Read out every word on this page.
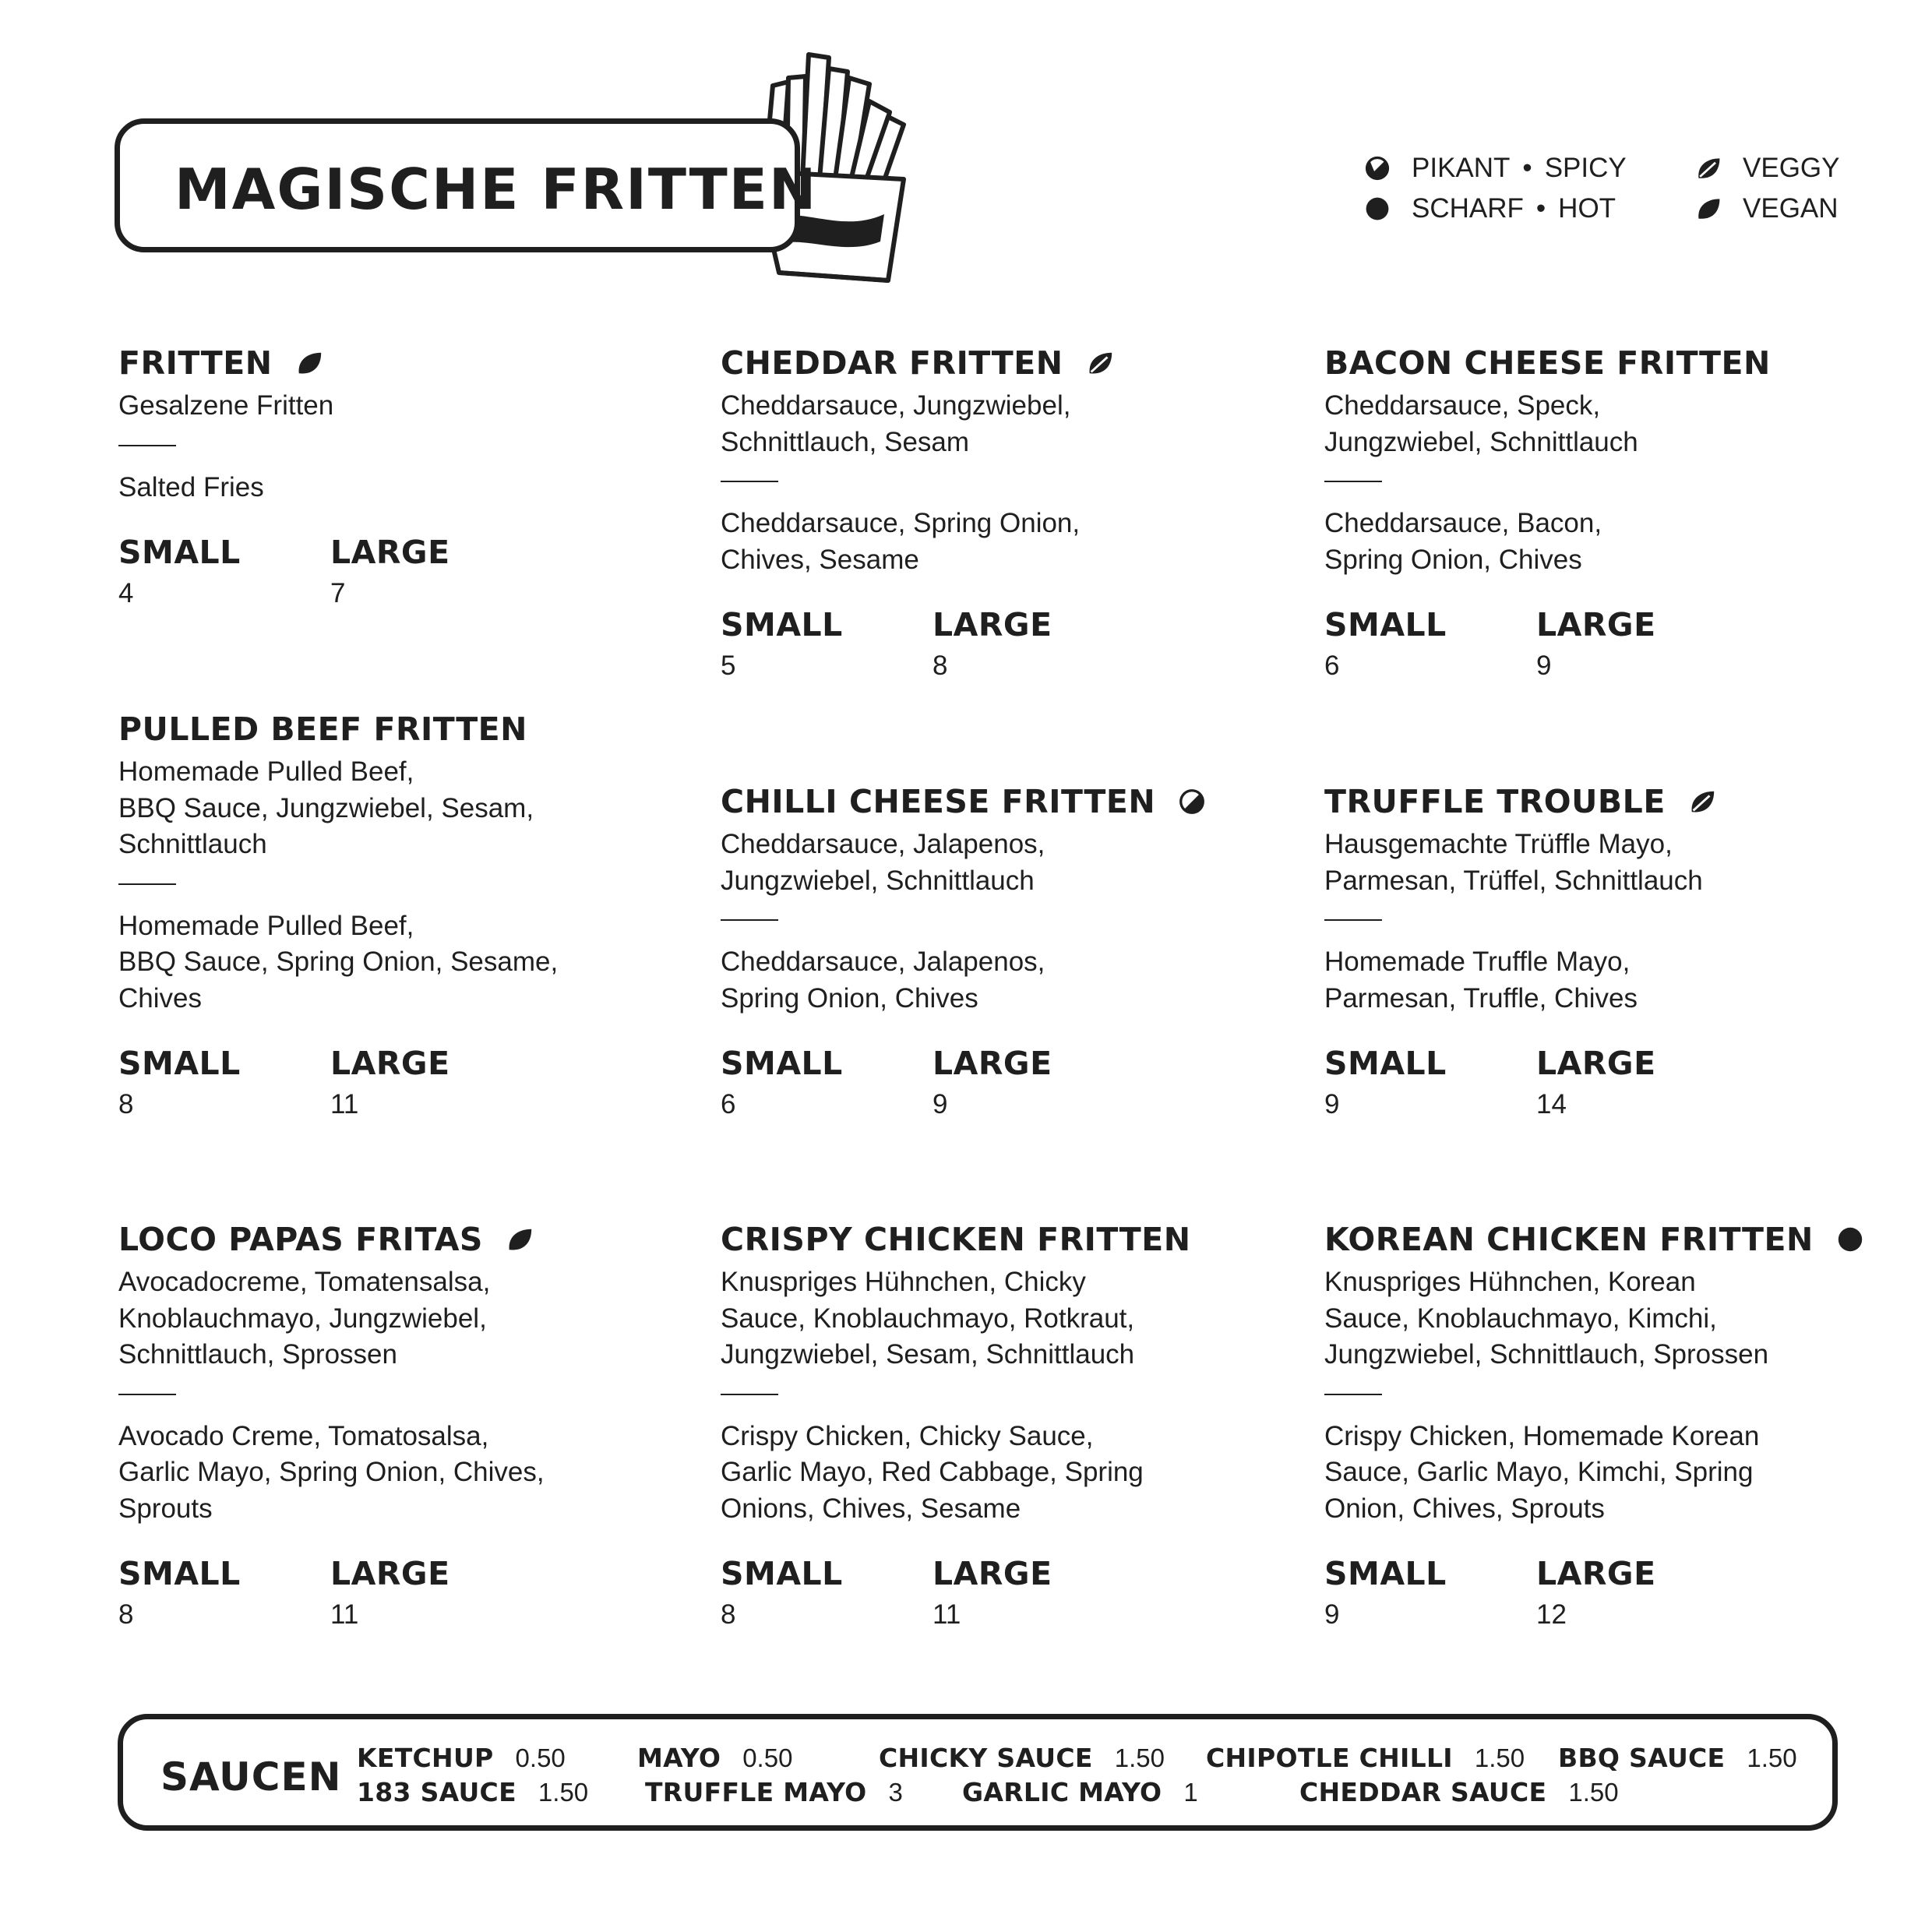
MAGISCHE FRITTEN	PIKANT • SPICY
SCHARF • HOT
VEGGY
VEGAN
FRITTEN
Gesalzene Fritten
Salted Fries
SMALL
4
LARGE
7
CHEDDAR FRITTEN
Cheddarsauce, Jungzwiebel,
Schnittlauch, Sesam
Cheddarsauce, Spring Onion,
Chives, Sesame
SMALL
5
LARGE
8
BACON CHEESE FRITTEN
Cheddarsauce, Speck,
Jungzwiebel, Schnittlauch
Cheddarsauce, Bacon,
Spring Onion, Chives
SMALL
6
LARGE
9
PULLED BEEF FRITTEN
Homemade Pulled Beef,
BBQ Sauce, Jungzwiebel, Sesam,
Schnittlauch
Homemade Pulled Beef,
BBQ Sauce, Spring Onion, Sesame,
Chives
SMALL
8
LARGE
11
CHILLI CHEESE FRITTEN
Cheddarsauce, Jalapenos,
Jungzwiebel, Schnittlauch
Cheddarsauce, Jalapenos,
Spring Onion, Chives
SMALL
6
LARGE
9
TRUFFLE TROUBLE
Hausgemachte Trüffle Mayo,
Parmesan, Trüffel, Schnittlauch
Homemade Truffle Mayo,
Parmesan, Truffle, Chives
SMALL
9
LARGE
14
LOCO PAPAS FRITAS
Avocadocreme, Tomatensalsa,
Knoblauchmayo, Jungzwiebel,
Schnittlauch, Sprossen
Avocado Creme, Tomatosalsa,
Garlic Mayo, Spring Onion, Chives,
Sprouts
SMALL
8
LARGE
11
CRISPY CHICKEN FRITTEN
Knuspriges Hühnchen, Chicky
Sauce, Knoblauchmayo, Rotkraut,
Jungzwiebel, Sesam, Schnittlauch
Crispy Chicken, Chicky Sauce,
Garlic Mayo, Red Cabbage, Spring
Onions, Chives, Sesame
SMALL
8
LARGE
11
KOREAN CHICKEN FRITTEN
Knuspriges Hühnchen, Korean
Sauce, Knoblauchmayo, Kimchi,
Jungzwiebel, Schnittlauch, Sprossen
Crispy Chicken, Homemade Korean
Sauce, Garlic Mayo, Kimchi, Spring
Onion, Chives, Sprouts
SMALL
9
LARGE
12
SAUCEN KETCHUP 0.50	MAYO 0.50	CHICKY SAUCE 1.50 CHIPOTLE CHILLI 1.50 BBQ SAUCE 1.50
183 SAUCE 1.50 TRUFFLE MAYO 3 GARLIC MAYO 1	CHEDDAR SAUCE 1.50
